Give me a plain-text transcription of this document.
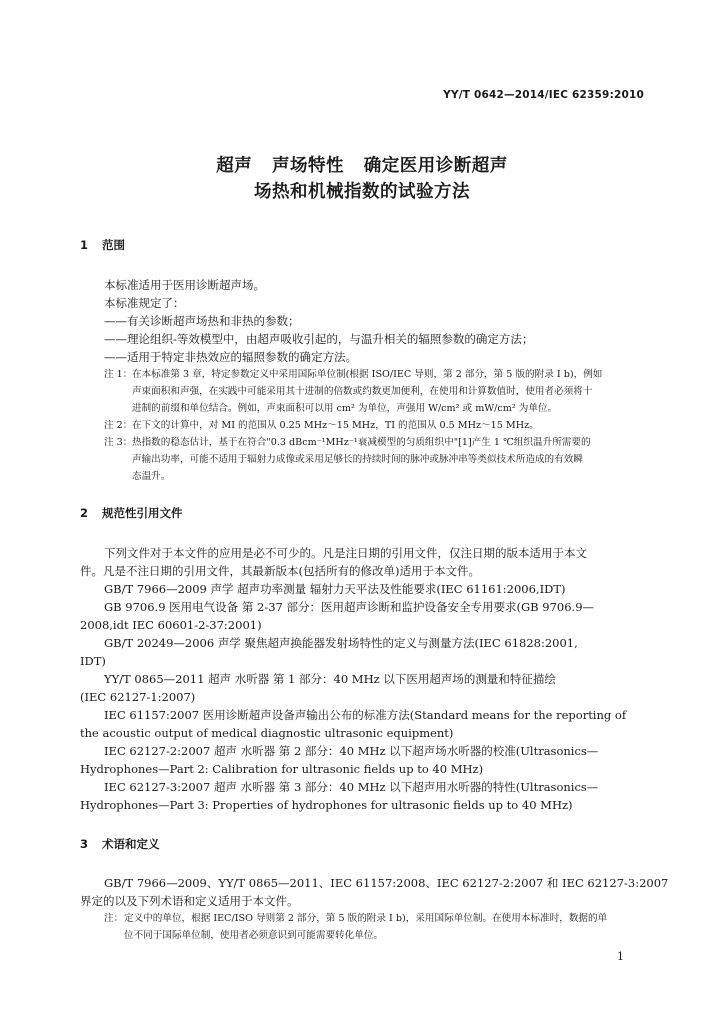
YY/T 0642—2014/IEC 62359:2010
超声   声场特性   确定医用诊断超声
场热和机械指数的试验方法
1 范围
本标准适用于医用诊断超声场。
本标准规定了：
——有关诊断超声场热和非热的参数；
——理论组织-等效模型中，由超声吸收引起的，与温升相关的辐照参数的确定方法；
——适用于特定非热效应的辐照参数的确定方法。
注 1：在本标准第 3 章，特定参数定义中采用国际单位制(根据 ISO/IEC 导则，第 2 部分，第 5 版的附录 I b)，例如
声束面积和声强，在实践中可能采用其十进制的倍数或约数更加便利，在使用和计算数值时，使用者必须将十
进制的前缀和单位结合。例如，声束面积可以用 cm² 为单位，声强用 W/cm² 或 mW/cm² 为单位。
注 2：在下文的计算中，对 MI 的范围从 0.25 MHz～15 MHz，TI 的范围从 0.5 MHz～15 MHz。
注 3：热指数的稳态估计，基于在符合"0.3 dBcm⁻¹MHz⁻¹衰减模型的匀质组织中"[1]产生 1 ℃组织温升所需要的
声输出功率，可能不适用于辐射力成像或采用足够长的持续时间的脉冲或脉冲串等类似技术所造成的有效瞬
态温升。
2 规范性引用文件
下列文件对于本文件的应用是必不可少的。凡是注日期的引用文件，仅注日期的版本适用于本文
件。凡是不注日期的引用文件，其最新版本(包括所有的修改单)适用于本文件。
GB/T 7966—2009 声学 超声功率测量 辐射力天平法及性能要求(IEC 61161:2006,IDT)
GB 9706.9 医用电气设备 第 2-37 部分：医用超声诊断和监护设备安全专用要求(GB 9706.9—
2008,idt IEC 60601-2-37:2001)
GB/T 20249—2006 声学 聚焦超声换能器发射场特性的定义与测量方法(IEC 61828:2001,
IDT)
YY/T 0865—2011 超声 水听器 第 1 部分：40 MHz 以下医用超声场的测量和特征描绘
(IEC 62127-1:2007)
IEC 61157:2007 医用诊断超声设备声输出公布的标准方法(Standard means for the reporting of
the acoustic output of medical diagnostic ultrasonic equipment)
IEC 62127-2:2007 超声 水听器 第 2 部分：40 MHz 以下超声场水听器的校准(Ultrasonics—
Hydrophones—Part 2: Calibration for ultrasonic fields up to 40 MHz)
IEC 62127-3:2007 超声 水听器 第 3 部分：40 MHz 以下超声用水听器的特性(Ultrasonics—
Hydrophones—Part 3: Properties of hydrophones for ultrasonic fields up to 40 MHz)
3 术语和定义
GB/T 7966—2009、YY/T 0865—2011、IEC 61157:2008、IEC 62127-2:2007 和 IEC 62127-3:2007
界定的以及下列术语和定义适用于本文件。
注：定义中的单位，根据 IEC/ISO 导则第 2 部分，第 5 版的附录 I b)，采用国际单位制。在使用本标准时，数据的单
位不同于国际单位制，使用者必须意识到可能需要转化单位。
1
